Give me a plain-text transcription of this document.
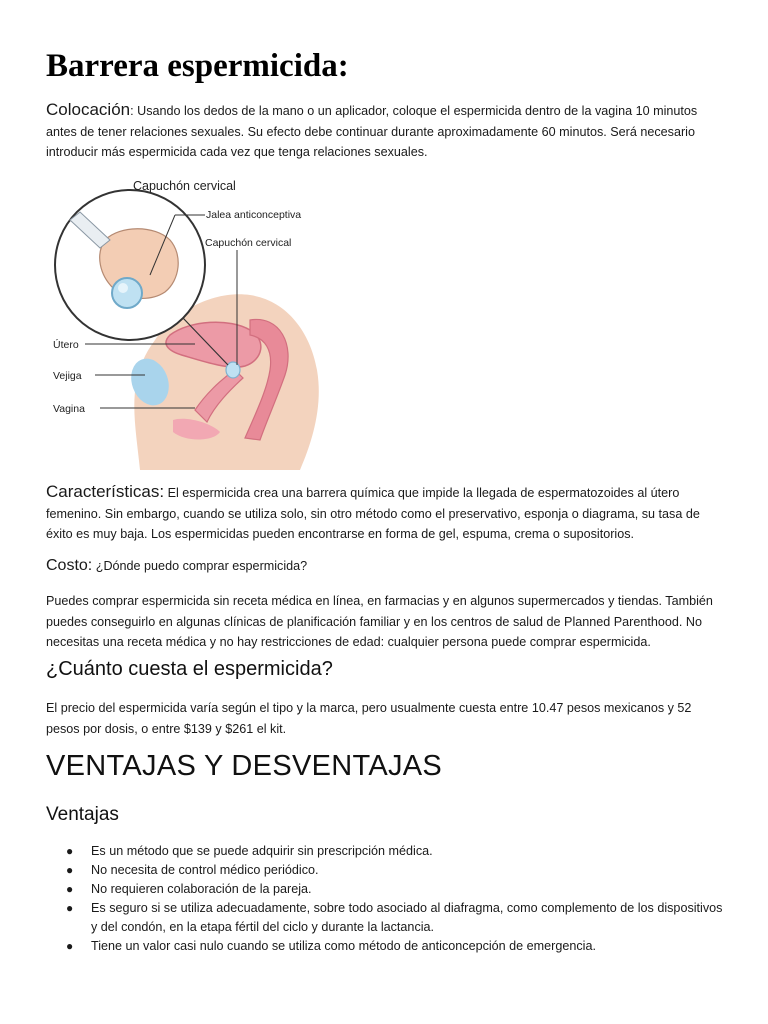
Barrera espermicida:

Colocación: Usando los dedos de la mano o un aplicador, coloque el espermicida dentro de la vagina 10 minutos antes de tener relaciones sexuales. Su efecto debe continuar durante aproximadamente 60 minutos. Será necesario introducir más espermicida cada vez que tenga relaciones sexuales.

Capuchón cervical
Jalea anticonceptiva
Capuchón cervical
Útero
Vejiga
Vagina

Características: El espermicida crea una barrera química que impide la llegada de espermatozoides al útero femenino. Sin embargo, cuando se utiliza solo, sin otro método como el preservativo, esponja o diagrama, su tasa de éxito es muy baja. Los espermicidas pueden encontrarse en forma de gel, espuma, crema o supositorios.

Costo: ¿Dónde puedo comprar espermicida?

Puedes comprar espermicida sin receta médica en línea, en farmacias y en algunos supermercados y tiendas. También puedes conseguirlo en algunas clínicas de planificación familiar y en los centros de salud de Planned Parenthood. No necesitas una receta médica y no hay restricciones de edad: cualquier persona puede comprar espermicida.

¿Cuánto cuesta el espermicida?

El precio del espermicida varía según el tipo y la marca, pero usualmente cuesta entre 10.47 pesos mexicanos y 52 pesos por dosis, o entre $139 y $261 el kit.

VENTAJAS Y DESVENTAJAS
Ventajas
● Es un método que se puede adquirir sin prescripción médica.
● No necesita de control médico periódico.
● No requieren colaboración de la pareja.
● Es seguro si se utiliza adecuadamente, sobre todo asociado al diafragma, como complemento de los dispositivos y del condón, en la etapa fértil del ciclo y durante la lactancia.
● Tiene un valor casi nulo cuando se utiliza como método de anticoncepción de emergencia.
